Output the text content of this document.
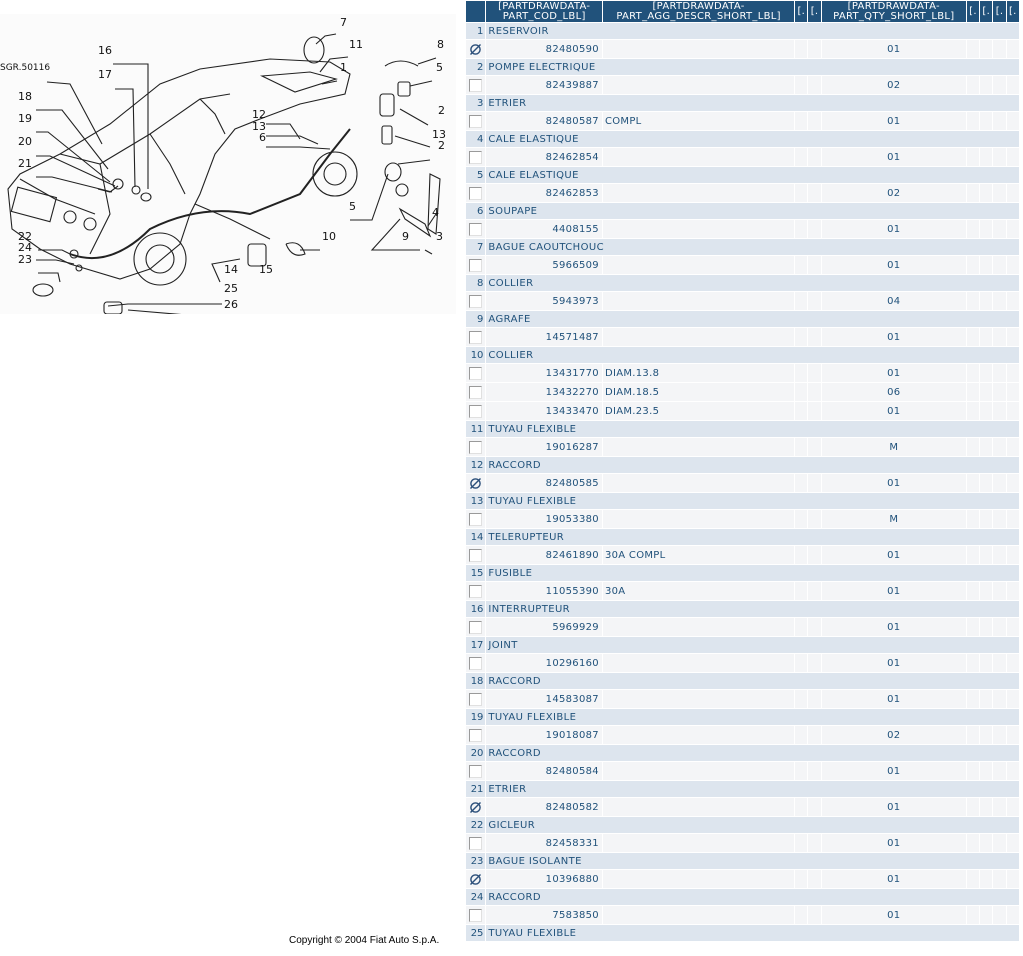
SGR.50116
7
11
1
8
5
2
13
2
5	4
9 3
10
12
13
6
16
17
18
19
20
21
22
24
23
14 15
25
26
Copyright © 2004 Fiat Auto S.p.A.
	[PARTDRAWDATA-PART_COD_LBL]	[PARTDRAWDATA-PART_AGG_DESCR_SHORT_LBL]	[.	[.	[PARTDRAWDATA-PART_QTY_SHORT_LBL]	[.	[.	[.	[.
1	RESERVOIR								
	82480590				01				
2	POMPE ELECTRIQUE								
	82439887				02				
3	ETRIER								
	82480587	COMPL			01				
4	CALE ELASTIQUE								
	82462854				01				
5	CALE ELASTIQUE								
	82462853				02				
6	SOUPAPE								
	4408155				01				
7	BAGUE CAOUTCHOUC								
	5966509				01				
8	COLLIER								
	5943973				04				
9	AGRAFE								
	14571487				01				
10	COLLIER								
	13431770	DIAM.13.8			01				
	13432270	DIAM.18.5			06				
	13433470	DIAM.23.5			01				
11	TUYAU FLEXIBLE								
	19016287				M				
12	RACCORD								
	82480585				01				
13	TUYAU FLEXIBLE								
	19053380				M				
14	TELERUPTEUR								
	82461890	30A COMPL			01				
15	FUSIBLE								
	11055390	30A			01				
16	INTERRUPTEUR								
	5969929				01				
17	JOINT								
	10296160				01				
18	RACCORD								
	14583087				01				
19	TUYAU FLEXIBLE								
	19018087				02				
20	RACCORD								
	82480584				01				
21	ETRIER								
	82480582				01				
22	GICLEUR								
	82458331				01				
23	BAGUE ISOLANTE								
	10396880				01				
24	RACCORD								
	7583850				01				
25	TUYAU FLEXIBLE								
